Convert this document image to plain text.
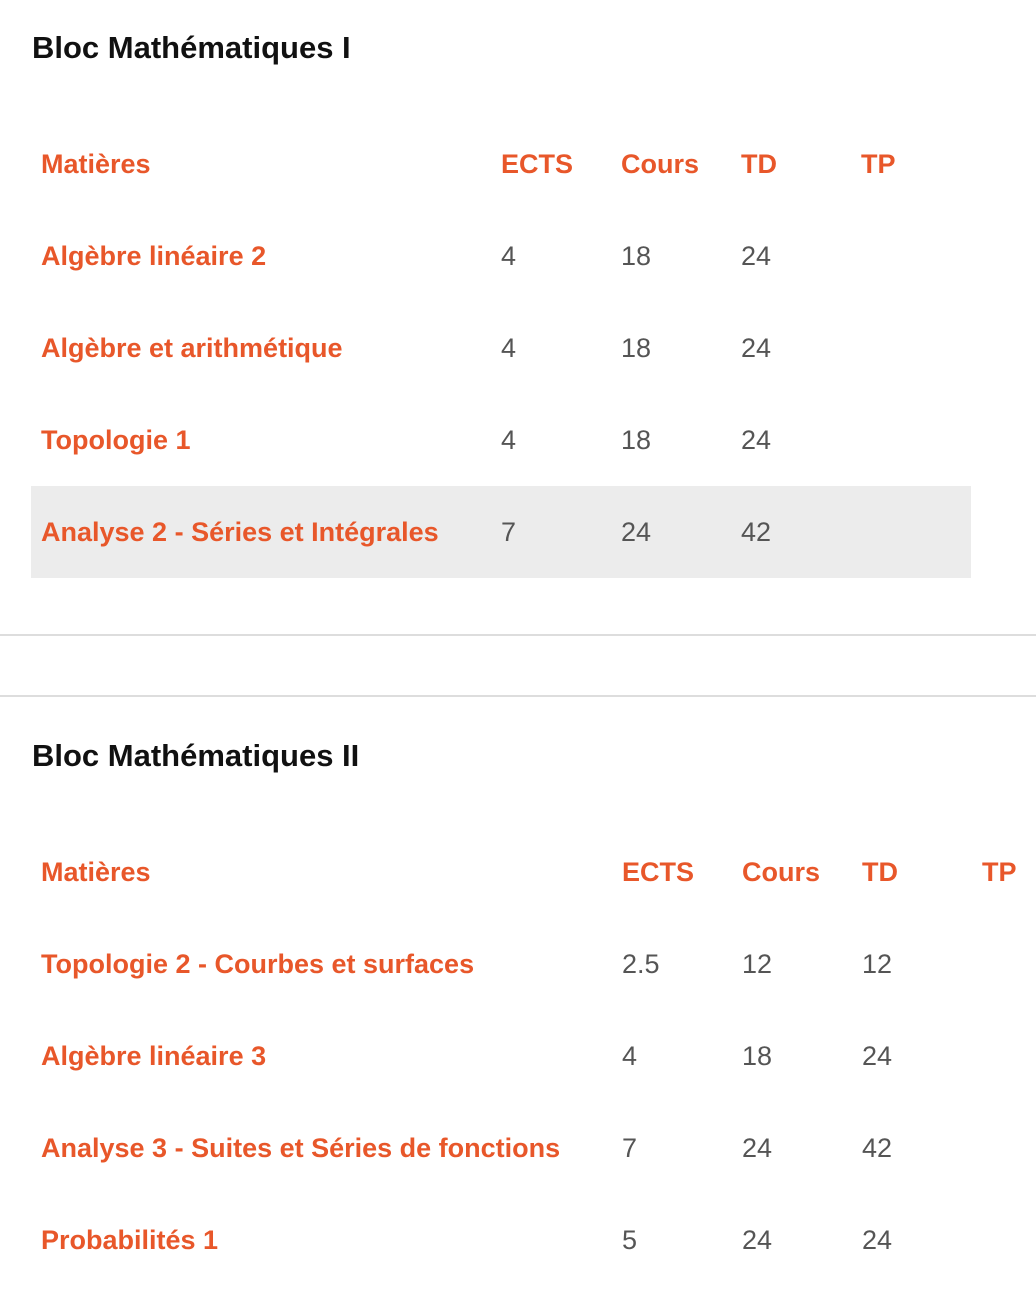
Bloc Mathématiques I
Matières	ECTS Cours TD	TP
Algèbre linéaire 2	4	18	24
Algèbre et arithmétique	4	18	24
Topologie 1	4	18	24
Analyse 2 - Séries et Intégrales 7	24	42
Bloc Mathématiques II
Matières	ECTS Cours TD	TP
Topologie 2 - Courbes et surfaces	2.5	12	12
Algèbre linéaire 3	4	18	24
Analyse 3 - Suites et Séries de fonctions 7	24	42
Probabilités 1	5	24	24
